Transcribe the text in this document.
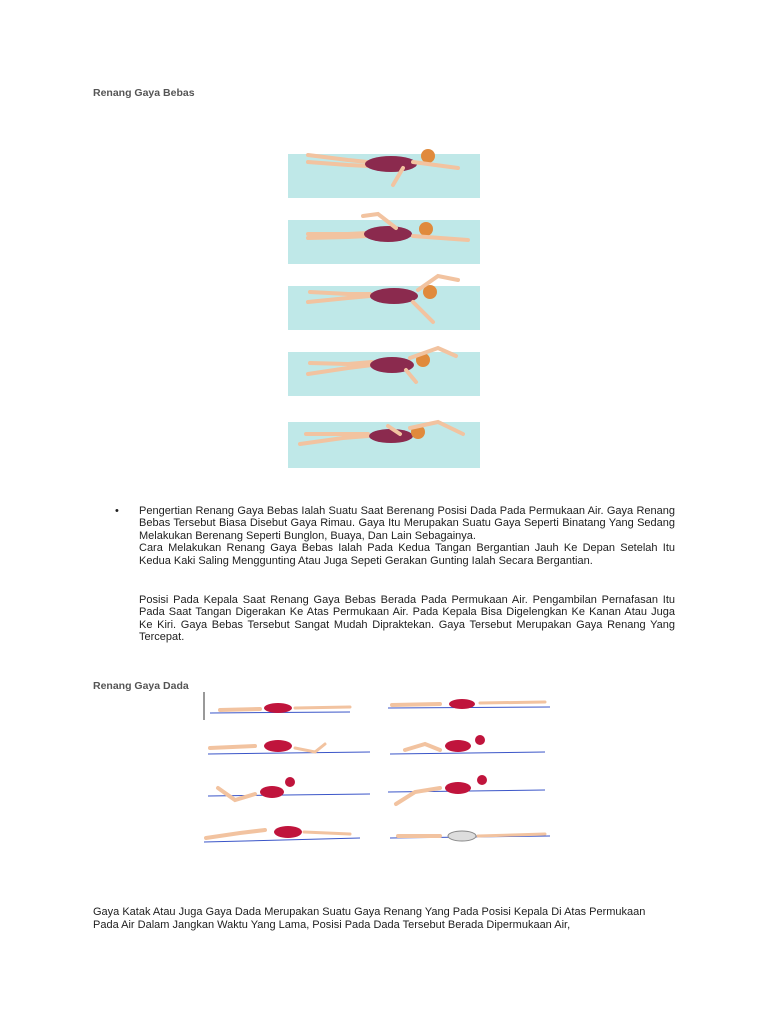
Renang Gaya Bebas
• Pengertian Renang Gaya Bebas Ialah Suatu Saat Berenang Posisi Dada Pada Permukaan Air. Gaya Renang Bebas Tersebut Biasa Disebut Gaya Rimau. Gaya Itu Merupakan Suatu Gaya Seperti Binatang Yang Sedang Melakukan Berenang Seperti Bunglon, Buaya, Dan Lain Sebagainya.

Cara Melakukan Renang Gaya Bebas Ialah Pada Kedua Tangan Bergantian Jauh Ke Depan Setelah Itu Kedua Kaki Saling Menggunting Atau Juga Sepeti Gerakan Gunting Ialah Secara Bergantian.

Posisi Pada Kepala Saat Renang Gaya Bebas Berada Pada Permukaan Air. Pengambilan Pernafasan Itu Pada Saat Tangan Digerakan Ke Atas Permukaan Air. Pada Kepala Bisa Digelengkan Ke Kanan Atau Juga Ke Kiri. Gaya Bebas Tersebut Sangat Mudah Dipraktekan. Gaya Tersebut Merupakan Gaya Renang Yang Tercepat.
Renang Gaya Dada
Gaya Katak Atau Juga Gaya Dada Merupakan Suatu Gaya Renang Yang Pada Posisi Kepala Di Atas Permukaan Pada Air Dalam Jangkan Waktu Yang Lama, Posisi Pada Dada Tersebut Berada Dipermukaan Air,
